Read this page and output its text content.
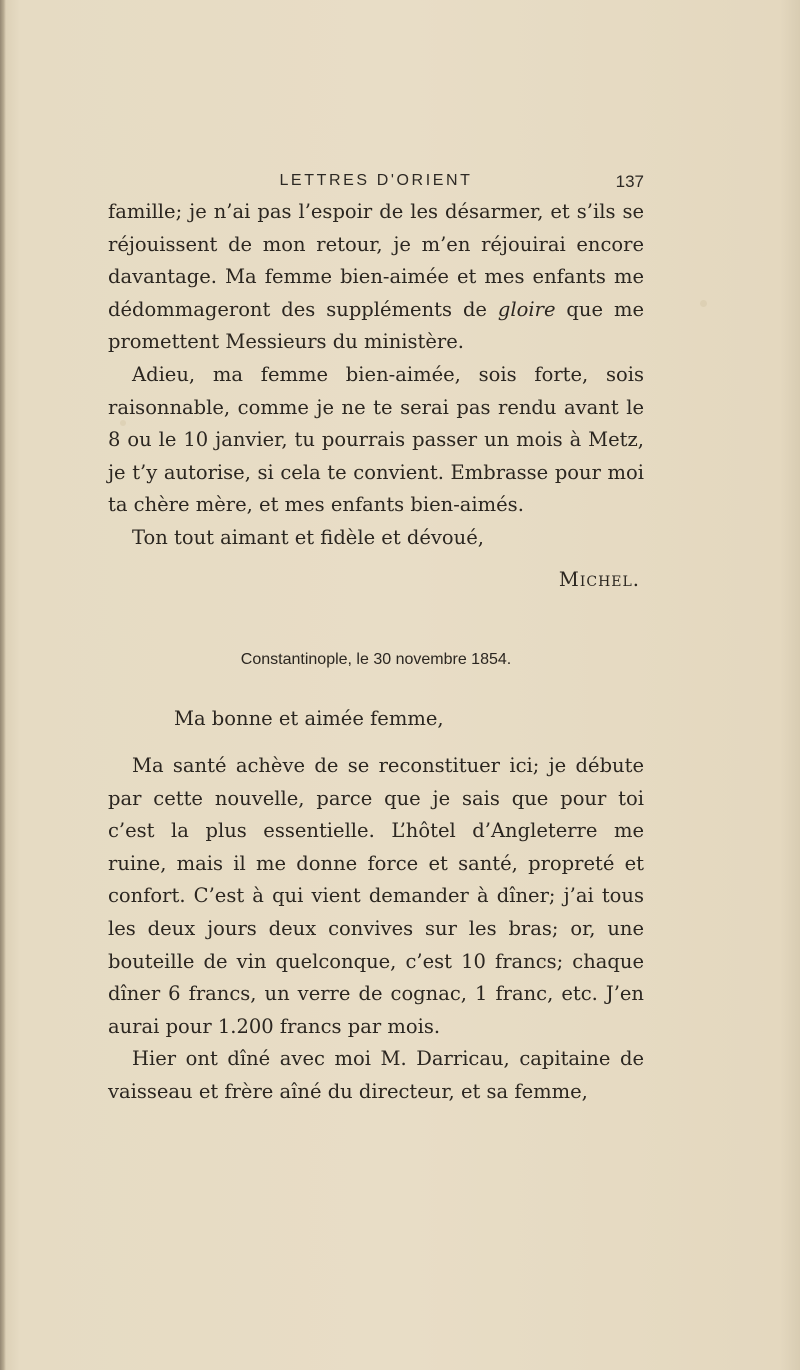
LETTRES D'ORIENT	137

famille; je n’ai pas l’espoir de les désarmer, et s’ils se réjouissent de mon retour, je m’en réjouirai encore davantage. Ma femme bien-aimée et mes enfants me dédommageront des suppléments de gloire que me promettent Messieurs du ministère.

Adieu, ma femme bien-aimée, sois forte, sois raisonnable, comme je ne te serai pas rendu avant le 8 ou le 10 janvier, tu pourrais passer un mois à Metz, je t’y autorise, si cela te convient. Embrasse pour moi ta chère mère, et mes enfants bien-aimés.

Ton tout aimant et fidèle et dévoué,

Michel.
Constantinople, le 30 novembre 1854.
Ma bonne et aimée femme,

Ma santé achève de se reconstituer ici; je débute par cette nouvelle, parce que je sais que pour toi c’est la plus essentielle. L’hôtel d’Angleterre me ruine, mais il me donne force et santé, propreté et confort. C’est à qui vient demander à dîner; j’ai tous les deux jours deux convives sur les bras; or, une bouteille de vin quelconque, c’est 10 francs; chaque dîner 6 francs, un verre de cognac, 1 franc, etc. J’en aurai pour 1.200 francs par mois.

Hier ont dîné avec moi M. Darricau, capitaine de vaisseau et frère aîné du directeur, et sa femme,
